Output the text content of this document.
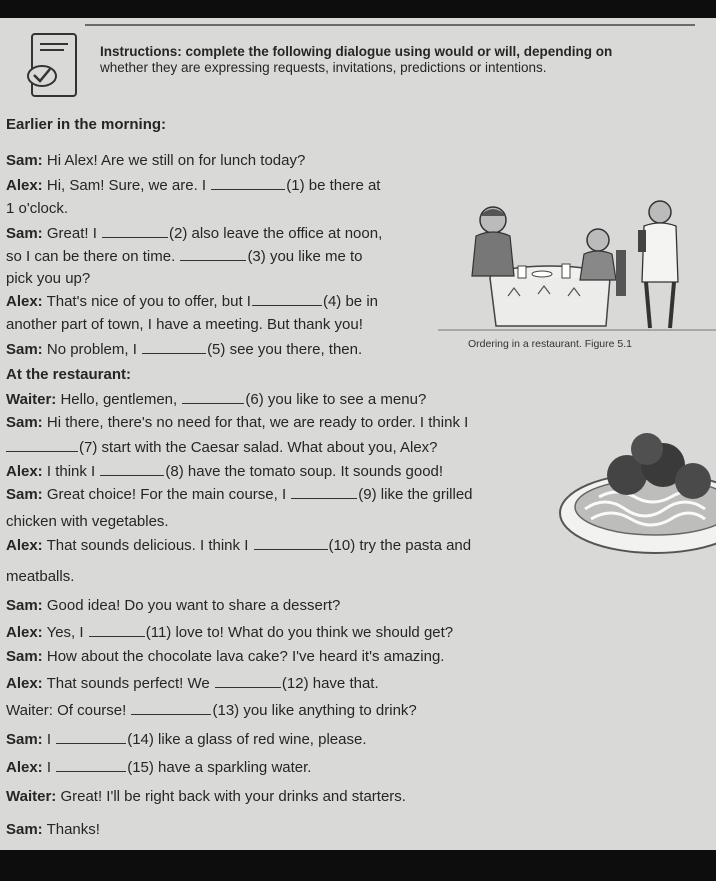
Instructions: complete the following dialogue using would or will, depending on
whether they are expressing requests, invitations, predictions or intentions.
Earlier in the morning:
Sam: Hi Alex! Are we still on for lunch today?
Alex: Hi, Sam! Sure, we are. I	(1) be there at
1 o'clock.
Sam: Great! I	(2) also leave the office at noon,
so I can be there on time.	(3) you like me to
pick you up?
Alex: That's nice of you to offer, but I	(4) be in
another part of town, I have a meeting. But thank you!
Sam: No problem, I	(5) see you there, then.	Ordering in a restaurant. Figure 5.1
At the restaurant:
Waiter: Hello, gentlemen,	(6) you like to see a menu?
Sam: Hi there, there's no need for that, we are ready to order. I think I
(7) start with the Caesar salad. What about you, Alex?
Alex: I think I	(8) have the tomato soup. It sounds good!
Sam: Great choice! For the main course, I	(9) like the grilled
chicken with vegetables.
Alex: That sounds delicious. I think I	(10) try the pasta and
meatballs.
Sam: Good idea! Do you want to share a dessert?
Alex: Yes, I	(11) love to! What do you think we should get?
Sam: How about the chocolate lava cake? I've heard it's amazing.
Alex: That sounds perfect! We	(12) have that.
Waiter: Of course!	(13) you like anything to drink?
Sam: I	(14) like a glass of red wine, please.
Alex: I	(15) have a sparkling water.
Waiter: Great! I'll be right back with your drinks and starters.
Sam: Thanks!
